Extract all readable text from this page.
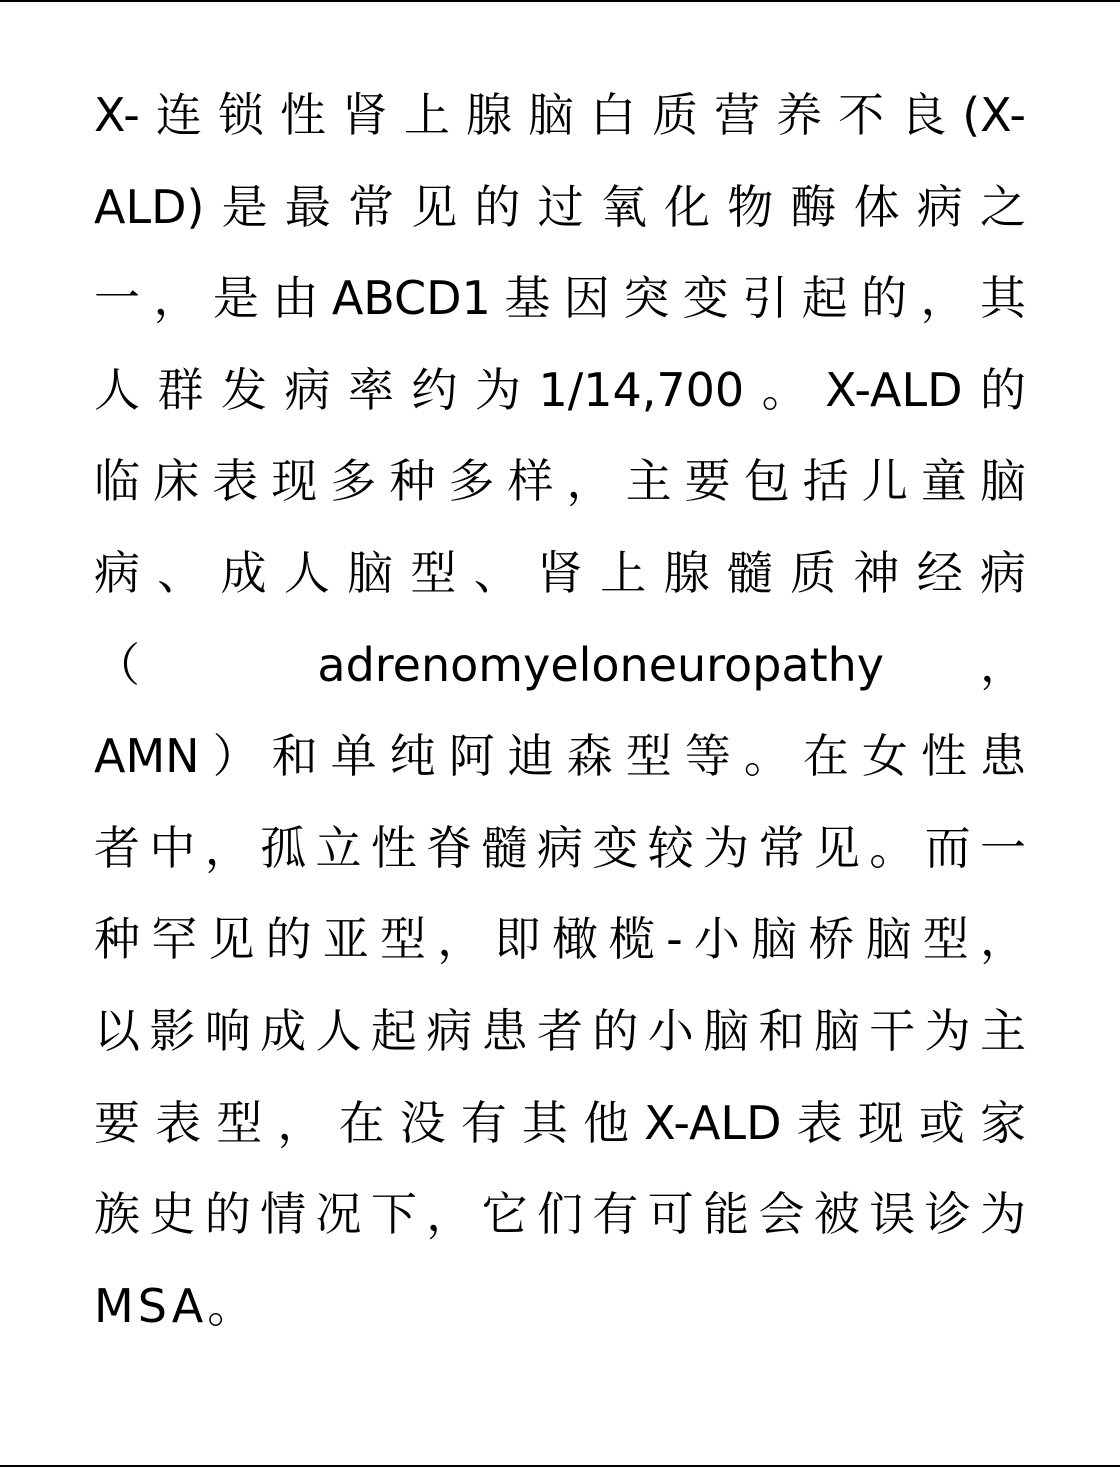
X-连锁性肾上腺脑白质营养不良(X-
ALD)是最常见的过氧化物酶体病之
一，是由ABCD1基因突变引起的，其
人群发病率约为1/14,700。X-ALD的
临床表现多种多样，主要包括儿童脑
病、成人脑型、肾上腺髓质神经病
（ adrenomyeloneuropathy ，
AMN）和单纯阿迪森型等。在女性患
者中，孤立性脊髓病变较为常见。而一
种罕见的亚型，即橄榄-小脑桥脑型，
以影响成人起病患者的小脑和脑干为主
要表型，在没有其他X-ALD表现或家
族史的情况下，它们有可能会被误诊为
MSA。
